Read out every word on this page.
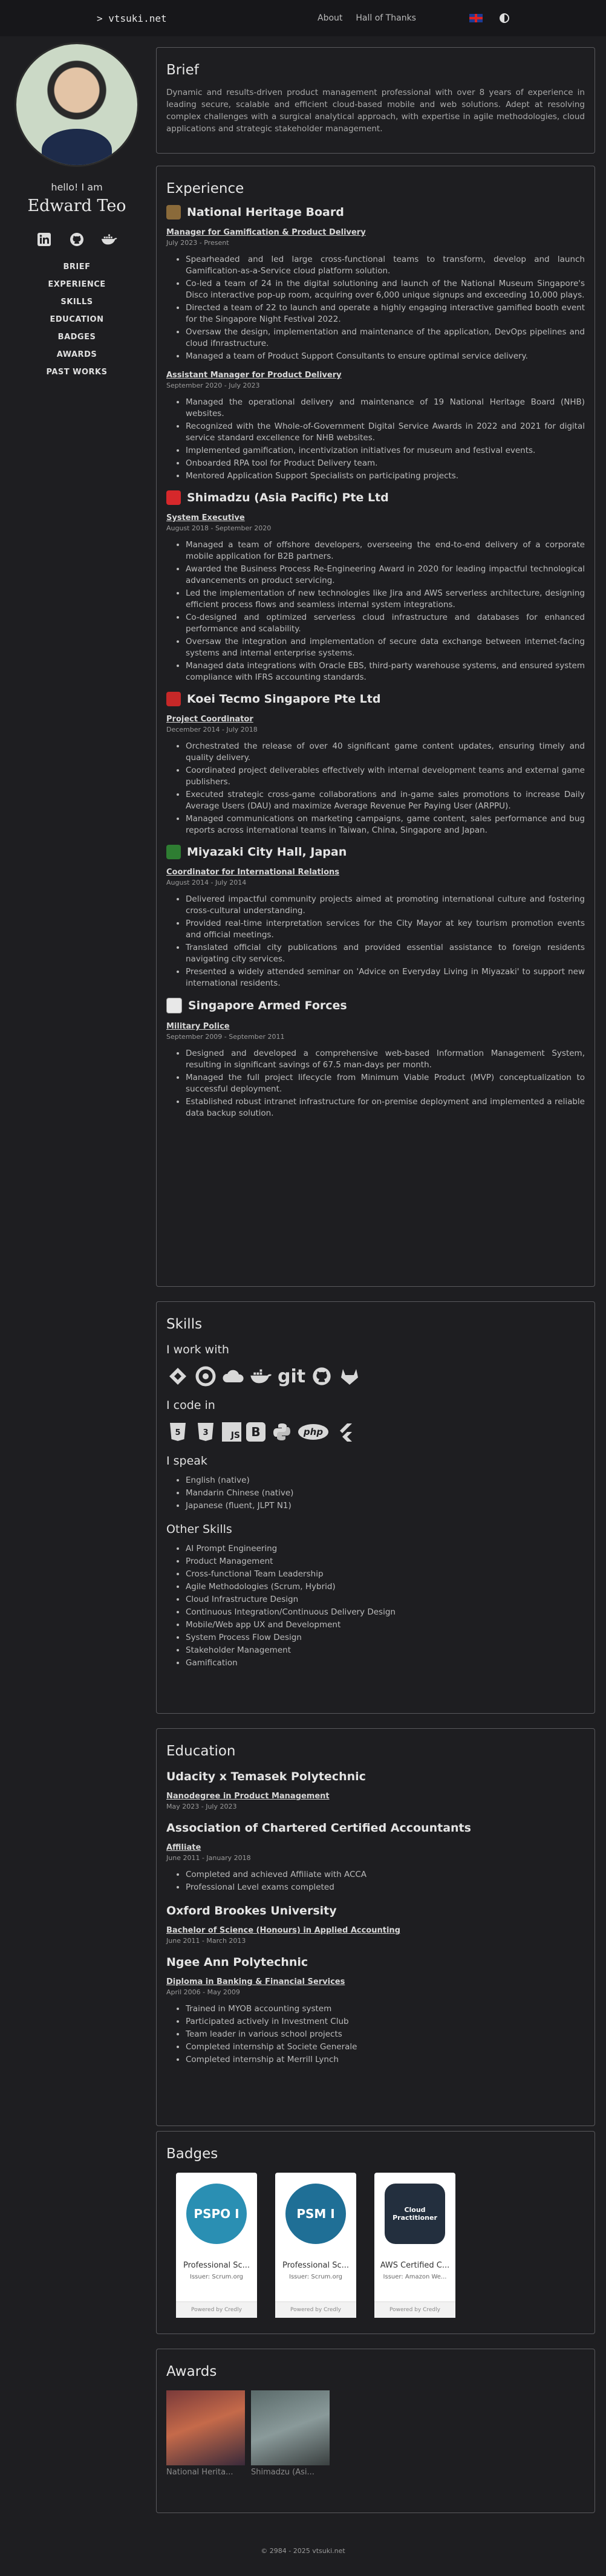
> vtsuki.net	About Hall of Thanks
hello! I am
Edward Teo
BRIEF
EXPERIENCE
SKILLS
EDUCATION
BADGES
AWARDS
PAST WORKS
Brief

Dynamic and results-driven product management professional with over 8 years of experience in leading secure, scalable and efficient cloud-based mobile and web solutions. Adept at resolving complex challenges with a surgical analytical approach, with expertise in agile methodologies, cloud applications and strategic stakeholder management.

Experience
National Heritage Board
Manager for Gamification & Product Delivery
July 2023 - Present
• Spearheaded and led large cross-functional teams to transform, develop and launch Gamification-as-a-Service cloud platform solution.
• Co-led a team of 24 in the digital solutioning and launch of the National Museum Singapore's Disco interactive pop-up room, acquiring over 6,000 unique signups and exceeding 10,000 plays.
• Directed a team of 22 to launch and operate a highly engaging interactive gamified booth event for the Singapore Night Festival 2022.
• Oversaw the design, implementation and maintenance of the application, DevOps pipelines and cloud ifnrastructure.
• Managed a team of Product Support Consultants to ensure optimal service delivery.
Assistant Manager for Product Delivery
September 2020 - July 2023
• Managed the operational delivery and maintenance of 19 National Heritage Board (NHB) websites.
• Recognized with the Whole-of-Government Digital Service Awards in 2022 and 2021 for digital service standard excellence for NHB websites.
• Implemented gamification, incentivization initiatives for museum and festival events.
• Onboarded RPA tool for Product Delivery team.
• Mentored Application Support Specialists on participating projects.
Shimadzu (Asia Pacific) Pte Ltd
System Executive
August 2018 - September 2020
• Managed a team of offshore developers, overseeing the end-to-end delivery of a corporate mobile application for B2B partners.
• Awarded the Business Process Re-Engineering Award in 2020 for leading impactful technological advancements on product servicing.
• Led the implementation of new technologies like Jira and AWS serverless architecture, designing efficient process flows and seamless internal system integrations.
• Co-designed and optimized serverless cloud infrastructure and databases for enhanced performance and scalability.
• Oversaw the integration and implementation of secure data exchange between internet-facing systems and internal enterprise systems.
• Managed data integrations with Oracle EBS, third-party warehouse systems, and ensured system compliance with IFRS accounting standards.
Koei Tecmo Singapore Pte Ltd
Project Coordinator
December 2014 - July 2018
• Orchestrated the release of over 40 significant game content updates, ensuring timely and quality delivery.
• Coordinated project deliverables effectively with internal development teams and external game publishers.
• Executed strategic cross-game collaborations and in-game sales promotions to increase Daily Average Users (DAU) and maximize Average Revenue Per Paying User (ARPPU).
• Managed communications on marketing campaigns, game content, sales performance and bug reports across international teams in Taiwan, China, Singapore and Japan.
Miyazaki City Hall, Japan
Coordinator for International Relations
August 2014 - July 2014
• Delivered impactful community projects aimed at promoting international culture and fostering cross-cultural understanding.
• Provided real-time interpretation services for the City Mayor at key tourism promotion events and official meetings.
• Translated official city publications and provided essential assistance to foreign residents navigating city services.
• Presented a widely attended seminar on 'Advice on Everyday Living in Miyazaki' to support new international residents.
Singapore Armed Forces
Military Police
September 2009 - September 2011
• Designed and developed a comprehensive web-based Information Management System, resulting in significant savings of 67.5 man-days per month.
• Managed the full project lifecycle from Minimum Viable Product (MVP) conceptualization to successful deployment.
• Established robust intranet infrastructure for on-premise deployment and implemented a reliable data backup solution.
Skills
I work with
git
I code in
5	3	JS B	php
I speak
• English (native)
• Mandarin Chinese (native)
• Japanese (fluent, JLPT N1)
Other Skills
• AI Prompt Engineering
• Product Management
• Cross-functional Team Leadership
• Agile Methodologies (Scrum, Hybrid)
• Cloud Infrastructure Design
• Continuous Integration/Continuous Delivery Design
• Mobile/Web app UX and Development
• System Process Flow Design
• Stakeholder Management
• Gamification
Education
Udacity x Temasek Polytechnic
Nanodegree in Product Management
May 2023 - July 2023
Association of Chartered Certified Accountants
Affiliate
June 2011 - January 2018
• Completed and achieved Affiliate with ACCA
• Professional Level exams completed
Oxford Brookes University
Bachelor of Science (Honours) in Applied Accounting
June 2011 - March 2013
Ngee Ann Polytechnic
Diploma in Banking & Financial Services
April 2006 - May 2009
• Trained in MYOB accounting system
• Participated actively in Investment Club
• Team leader in various school projects
• Completed internship at Societe Generale
• Completed internship at Merrill Lynch
Badges
PSPO I
Professional Sc...
Issuer: Scrum.org
Powered by Credly
PSM I
Professional Sc...
Issuer: Scrum.org
Powered by Credly
Cloud Practitioner
AWS Certified C...
Issuer: Amazon We...
Powered by Credly
Awards
National Herita...	Shimadzu (Asi...
© 2984 - 2025 vtsuki.net
